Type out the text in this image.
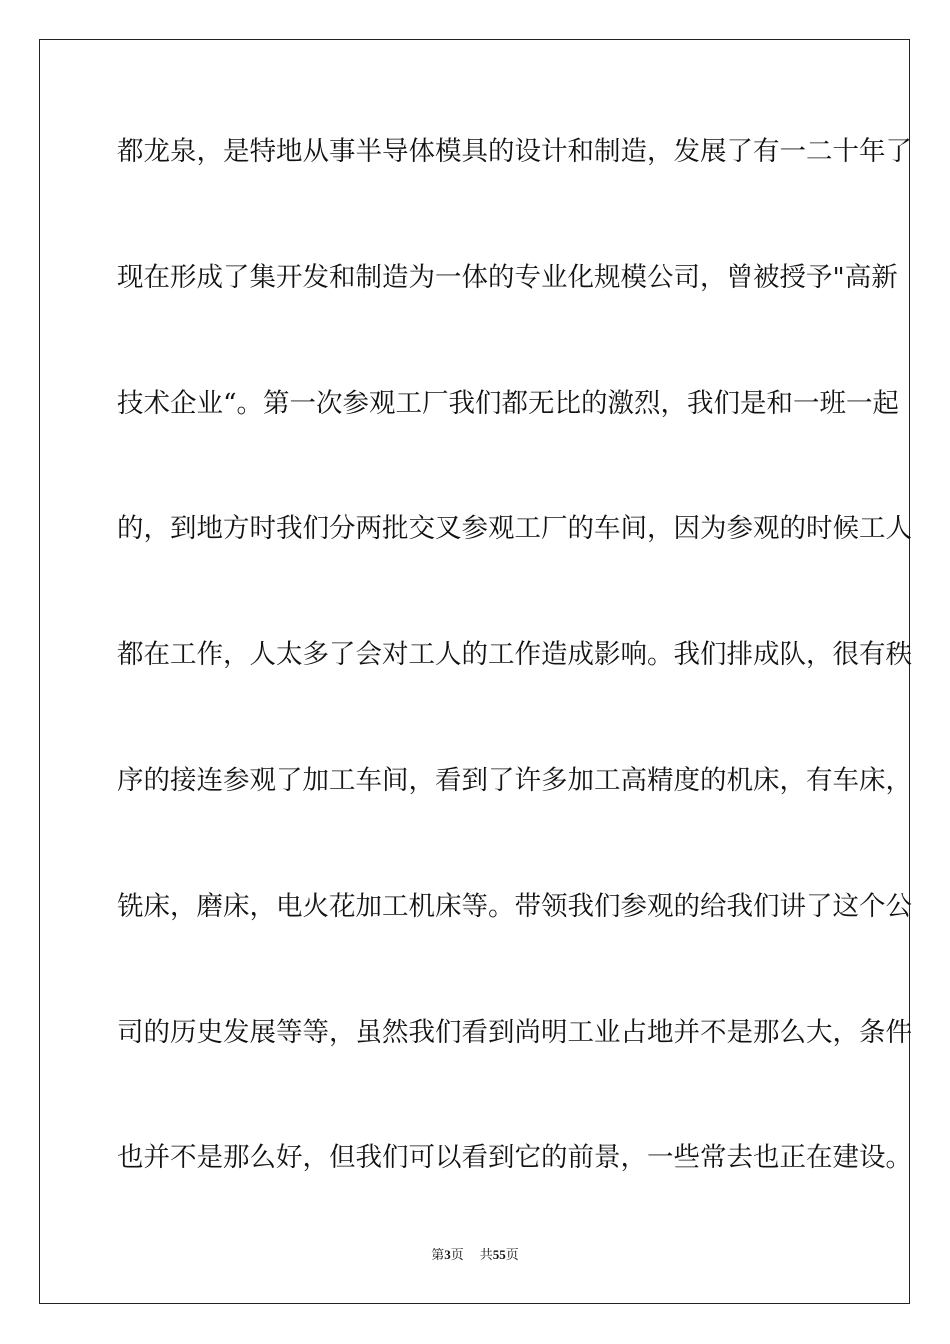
都龙泉，是特地从事半导体模具的设计和制造，发展了有一二十年了

现在形成了集开发和制造为一体的专业化规模公司，曾被授予"高新

技术企业“。第一次参观工厂我们都无比的激烈，我们是和一班一起

的，到地方时我们分两批交叉参观工厂的车间，因为参观的时候工人

都在工作，人太多了会对工人的工作造成影响。我们排成队，很有秩

序的接连参观了加工车间，看到了许多加工高精度的机床，有车床，

铣床，磨床，电火花加工机床等。带领我们参观的给我们讲了这个公

司的历史发展等等，虽然我们看到尚明工业占地并不是那么大，条件

也并不是那么好，但我们可以看到它的前景，一些常去也正在建设。

第3页 共55页
